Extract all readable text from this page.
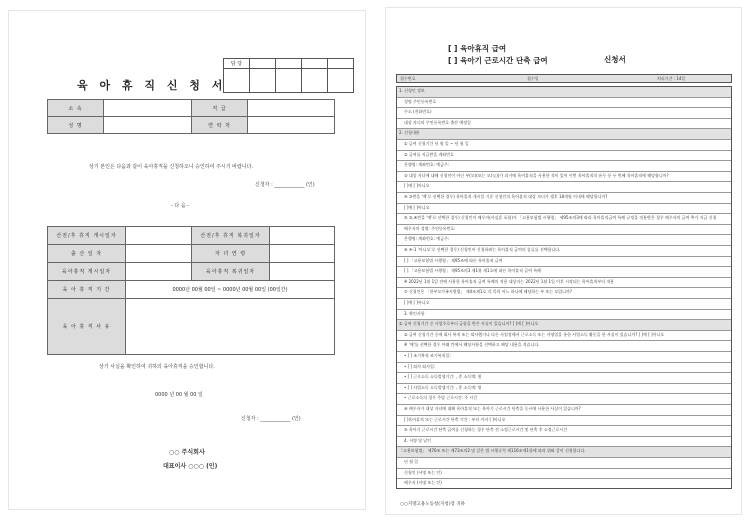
육 아 휴 직 신 청 서
담 당				

소 속		직 급	
성 명		연 락 처	
상기 본인은 다음과 같이 육아휴직을 신청하오니 승인하여 주시기 바랍니다.
신청자 : ____________ (인)
- 다 음 -
산전/후 휴직 개시일자		산전/후 휴직 복귀일자	
출 산 일 자		자 녀 연 령	
육아휴직 개시일자		육아휴직 복귀일자	
육 아 휴 직 기 간	0000년 00월 00일 ~ 0000년 00월 00일 (00일간)		
육 아 휴 직 사 유			
상기 사실을 확인하여 귀하의 육아휴직을 승인합니다.
0000 년 00 월 00 일
신청자 : ____________ (인)
○○ 주식회사
대표이사 ○○○ (인)
[ ] 육아휴직 급여
[ ] 육아기 근로시간 단축 급여	신청서
접수번호	접수일	처리기간 : 14일
1. 신청인 정보
성명 주민등록번호
주소 (전화번호)
대상 자녀의 주민등록번호 출산 예정일
2. 신청내용
① 급여 신청기간 년 월 일 ~ 년 월 일
② 급여를 지급받을 계좌번호
은행명: 계좌번호: 예금주:
③ 대상 자녀에 대해 신청인이 아닌 부(모)(또는 모(父))가 과거에 육아휴직을 사용한 적이 있어 이번 육아휴직의 유무 등 두 번째 육아휴직에 해당합니까?
[ ]예 [ ]아니오
④ ③번을 '예'로 선택한 경우) 육아휴직 개시일 기준 신청인의 육아휴직 대상 자녀가 생후 18개월 이내에 해당합니까?
[ ]예 [ ]아니오
⑤ ③,④번을 '예'로 선택한 경우) 신청인이 배우자(사실혼 포함)가 「고용보험법 시행령」 제95조의3에 따라 육아휴직급여 특례 규정을 적용받은 경우 배우자의 급여 추가 지급 신청
배우자의 성명: 주민등록번호:
은행명: 계좌번호: 예금주:
⑥ ④-1 '아니오'로 선택한 경우) 신청인이 신청하려는 육아휴직 급여의 종류를 선택합니다.
[ ] 「고용보험법 시행령」 제95조에 따른 육아휴직 급여
[ ] 「고용보험법 시행령」 제95조의3 제1항 제1호에 따른 육아휴직 급여 특례
※ 2022년 1월 1일 전에 사용한 육아휴직 급여 특례의 적용 대상자는 2022년 1월 1일 이후 시작되는 육아휴직부터 적용
⑦ 신청인은 「한부모가족지원법」 제4조제1호 각 목의 어느 하나에 해당하는 부 또는 모입니까?
[ ]예 [ ]아니오
3. 확인사항
① 급여 신청기간 중 사업주로부터 금품을 받은 사실이 있습니까? [ ]예 [ ]아니오
② 급여 신청기간 중에 회사 복직 또는 퇴사했거나 다른 사업장에서 근로소득 또는 자영업을 통한 사업소득 활동을 한 사실이 있습니까? [ ]예 [ ]아니오
※ '예'를 선택한 경우 아래 칸에서 해당사항을 선택하고 해당 내용을 적습니다.
• [ ] 조기복직 조기복직일:
• [ ] 퇴사 퇴사일:
• [ ] 근로소득 소득발생기간: , 총 소득액: 원
• [ ] 사업소득 소득발생기간: , 총 소득액: 원
• 근로소득의 경우 주당 근로시간: 주 시간
④ 배우자가 대상 자녀에 대해 육아휴직 또는 육아기 근로시간 단축을 동시에 사용한 사실이 있습니까?
[ ]육아휴직 또는 근로시간 단축 기간 : 부터 까지 [ ]아니오
⑤ 육아기 근로시간 단축 급여를 신청하는 경우 단축 전 소정근로시간 및 단축 후 소정근로시간
4. 서명 및 날인
「고용보험법」 제70조 또는 제73조의2 및 같은 법 시행규칙 제116조제1항에 따라 위와 같이 신청합니다.
년 월 일
신청인 (서명 또는 인)
배우자 (서명 또는 인)
○○지방고용노동청(지청)장 귀하
